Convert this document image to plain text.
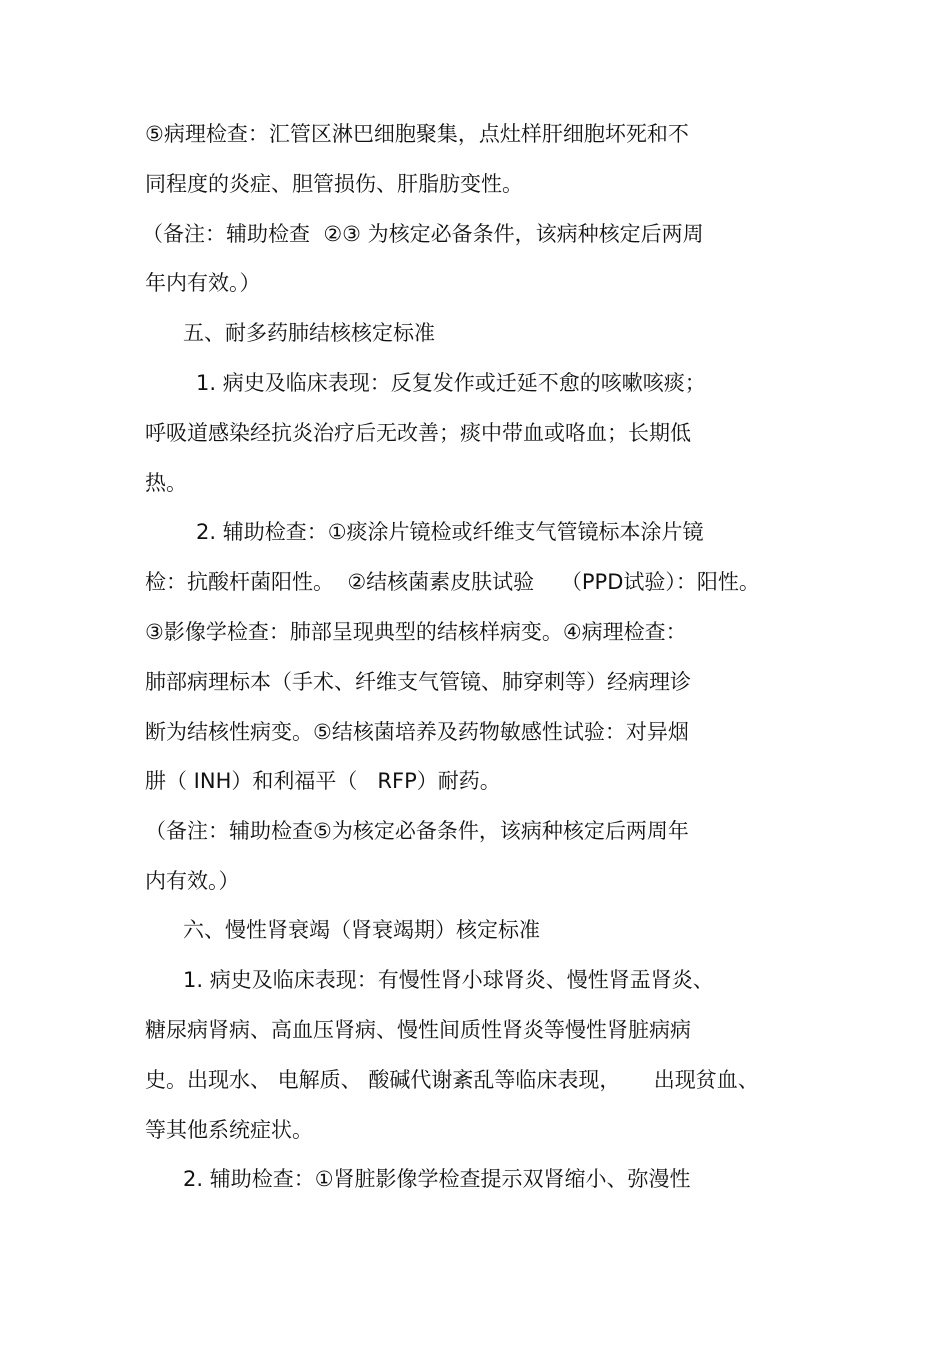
⑤病理检查：汇管区淋巴细胞聚集，点灶样肝细胞坏死和不
同程度的炎症、胆管损伤、肝脂肪变性。
（备注：辅助检查  ②③ 为核定必备条件，该病种核定后两周
年内有效。）
五、耐多药肺结核核定标准
1. 病史及临床表现：反复发作或迁延不愈的咳嗽咳痰；
呼吸道感染经抗炎治疗后无改善；痰中带血或咯血；长期低
热。
2. 辅助检查：①痰涂片镜检或纤维支气管镜标本涂片镜
检：抗酸杆菌阳性。  ②结核菌素皮肤试验    （PPD试验）：阳性。
③影像学检查：肺部呈现典型的结核样病变。④病理检查：
肺部病理标本（手术、纤维支气管镜、肺穿刺等）经病理诊
断为结核性病变。⑤结核菌培养及药物敏感性试验：对异烟
肼（ INH）和利福平（   RFP）耐药。
（备注：辅助检查⑤为核定必备条件，该病种核定后两周年
内有效。）
六、慢性肾衰竭（肾衰竭期）核定标准
1. 病史及临床表现：有慢性肾小球肾炎、慢性肾盂肾炎、
糖尿病肾病、高血压肾病、慢性间质性肾炎等慢性肾脏病病
史。出现水、 电解质、 酸碱代谢紊乱等临床表现，     出现贫血、
等其他系统症状。
2. 辅助检查：①肾脏影像学检查提示双肾缩小、弥漫性
